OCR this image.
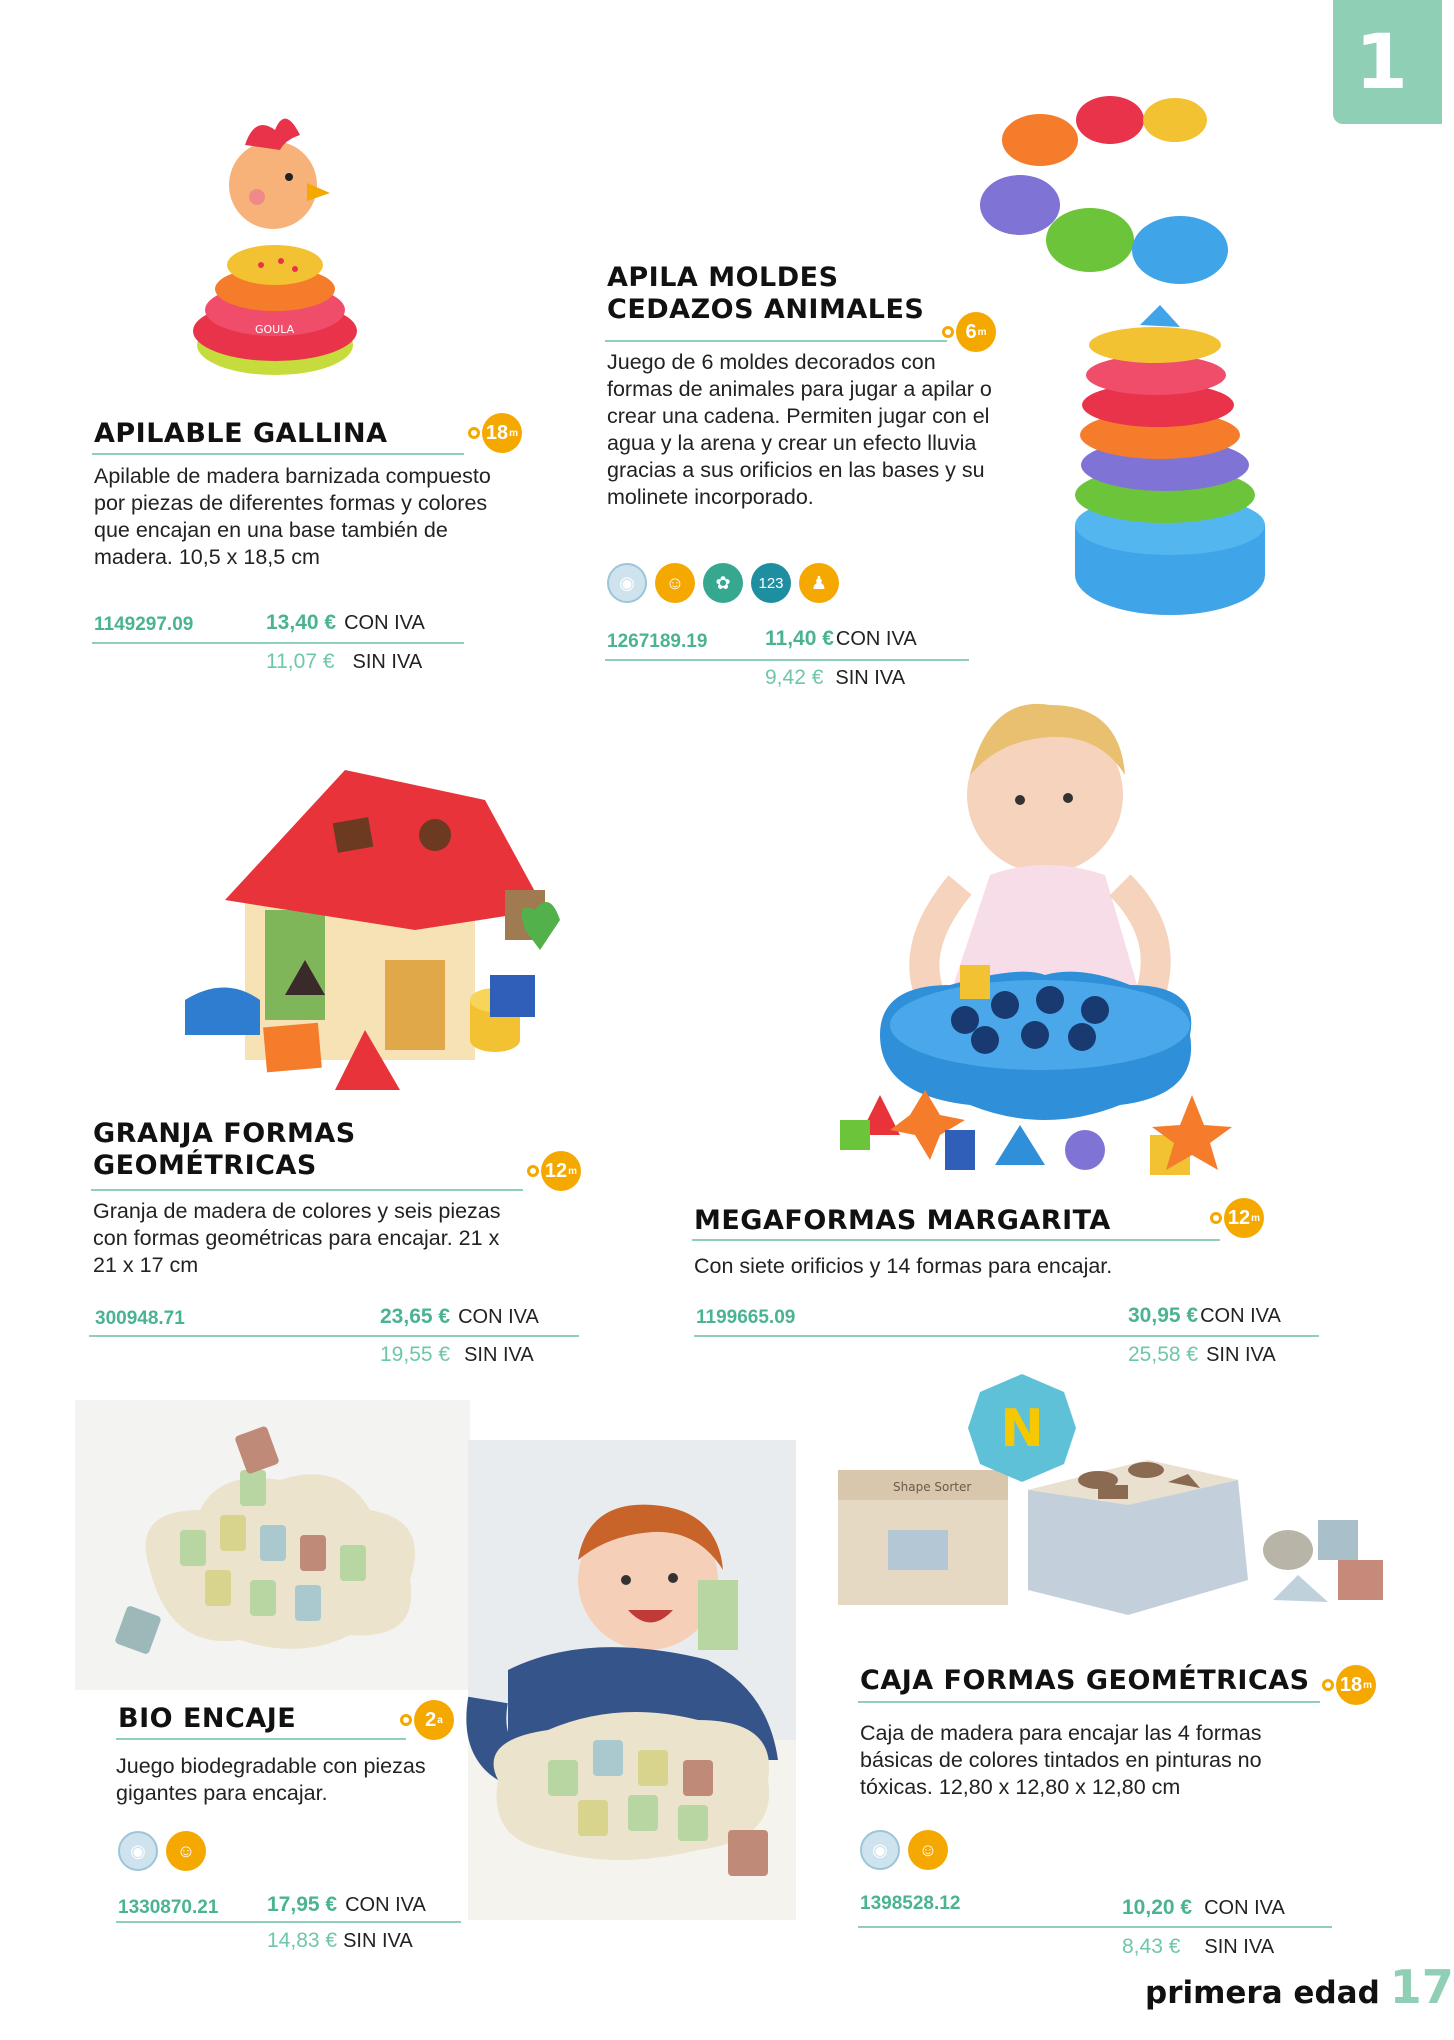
1
GOULA
APILABLE GALLINA	18 m
Apilable de madera barnizada compuesto por piezas de diferentes formas y colores que encajan en una base también de madera. 10,5 x 18,5 cm
1149297.09	13,40 € CON IVA
11,07 € SIN IVA
APILA MOLDES
CEDAZOS ANIMALES
6 m
Juego de 6 moldes decorados con formas de animales para jugar a apilar o crear una cadena. Permiten jugar con el agua y la arena y crear un efecto lluvia gracias a sus orificios en las bases y su molinete incorporado.
◉	☺	✿	123	♟
1267189.19	11,40 € CON IVA
9,42 € SIN IVA
GRANJA FORMAS
GEOMÉTRICAS	12 m
Granja de madera de colores y seis piezas con formas geométricas para encajar. 21 x 21 x 17 cm
300948.71	23,65 € CON IVA
19,55 € SIN IVA
MEGAFORMAS MARGARITA	12 m
Con siete orificios y 14 formas para encajar.
1199665.09	30,95 € CON IVA
25,58 € SIN IVA
BIO ENCAJE	2 a
Juego biodegradable con piezas gigantes para encajar.
◉	☺
1330870.21 17,95 € CON IVA
14,83 € SIN IVA
Shape Sorter
N
CAJA FORMAS GEOMÉTRICAS 18 m
Caja de madera para encajar las 4 formas básicas de colores tintados en pinturas no tóxicas. 12,80 x 12,80 x 12,80 cm
◉	☺
1398528.12	10,20 € CON IVA
8,43 € SIN IVA
primera edad 17
